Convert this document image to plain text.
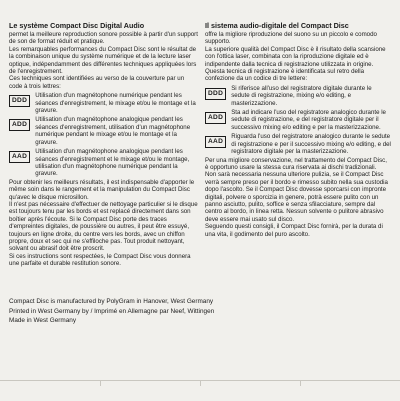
Le système Compact Disc Digital Audio

permet la meilleure reproduction sonore possible à partir d'un support de son de format réduit et pratique.

Les remarquables performances du Compact Disc sont le résultat de la combinaison unique du système numérique et de la lecture laser optique, indépendamment des différentes techniques appliquées lors de l'enregistrement.

Ces techniques sont identifiées au verso de la couverture par un code à trois lettres:

DDD
Utilisation d'un magnétophone numérique pendant les séances d'enregistrement, le mixage et/ou le montage et la gravure.
ADD
Utilisation d'un magnétophone analogique pendant les séances d'enregistrement, utilisation d'un magnétophone numérique pendant le mixage et/ou le montage et la gravure.
AAD
Utilisation d'un magnétophone analogique pendant les séances d'enregistrement et le mixage et/ou le montage, utilisation d'un magnétophone numérique pendant la gravure.

Pour obtenir les meilleurs résultats, il est indispensable d'apporter le même soin dans le rangement et la manipulation du Compact Disc qu'avec le disque microsillon.

Il n'est pas nécessaire d'effectuer de nettoyage particulier si le disque est toujours tenu par les bords et est replacé directement dans son boîtier après l'écoute. Si le Compact Disc porte des traces d'empreintes digitales, de poussière ou autres, il peut être essuyé, toujours en ligne droite, du centre vers les bords, avec un chiffon propre, doux et sec qui ne s'effiloche pas. Tout produit nettoyant, solvant ou abrasif doit être proscrit.

Si ces instructions sont respectées, le Compact Disc vous donnera une parfaite et durable restitution sonore.

Il sistema audio-digitale del Compact Disc

offre la migliore riproduzione del suono su un piccolo e comodo supporto.

La superiore qualità del Compact Disc è il risultato della scansione con l'ottica laser, combinata con la riproduzione digitale ed è indipendente dalla tecnica di registrazione utilizzata in origine.

Questa tecnica di registrazione è identificata sul retro della confezione da un codice di tre lettere:

DDD
Si riferisce all'uso del registratore digitale durante le sedute di registrazione, mixing e/o editing, e masterizzazione.
ADD
Sta ad indicare l'uso del registratore analogico durante le sedute di registrazione, e del registratore digitale per il successivo mixing e/o editing e per la masterizzazione.
AAD
Riguarda l'uso del registratore analogico durante le sedute di registrazione e per il successivo mixing e/o editing, e del registratore digitale per la masterizzazione.

Per una migliore conservazione, nel trattamento del Compact Disc, è opportuno usare la stessa cura riservata ai dischi tradizionali.

Non sarà necessaria nessuna ulteriore pulizia, se il Compact Disc verrà sempre preso per il bordo e rimesso subito nella sua custodia dopo l'ascolto. Se il Compact Disc dovesse sporcarsi con impronte digitali, polvere o sporcizia in genere, potrà essere pulito con un panno asciutto, pulito, soffice e senza sfilacciature, sempre dal centro al bordo, in linea retta. Nessun solvente o pulitore abrasivo deve essere mai usato sul disco.

Seguendo questi consigli, il Compact Disc fornirà, per la durata di una vita, il godimento del puro ascolto.

Compact Disc is manufactured by PolyGram in Hanover, West Germany
Printed in West Germany by / Imprimé en Allemagne par Neef, Wittingen
Made in West Germany
